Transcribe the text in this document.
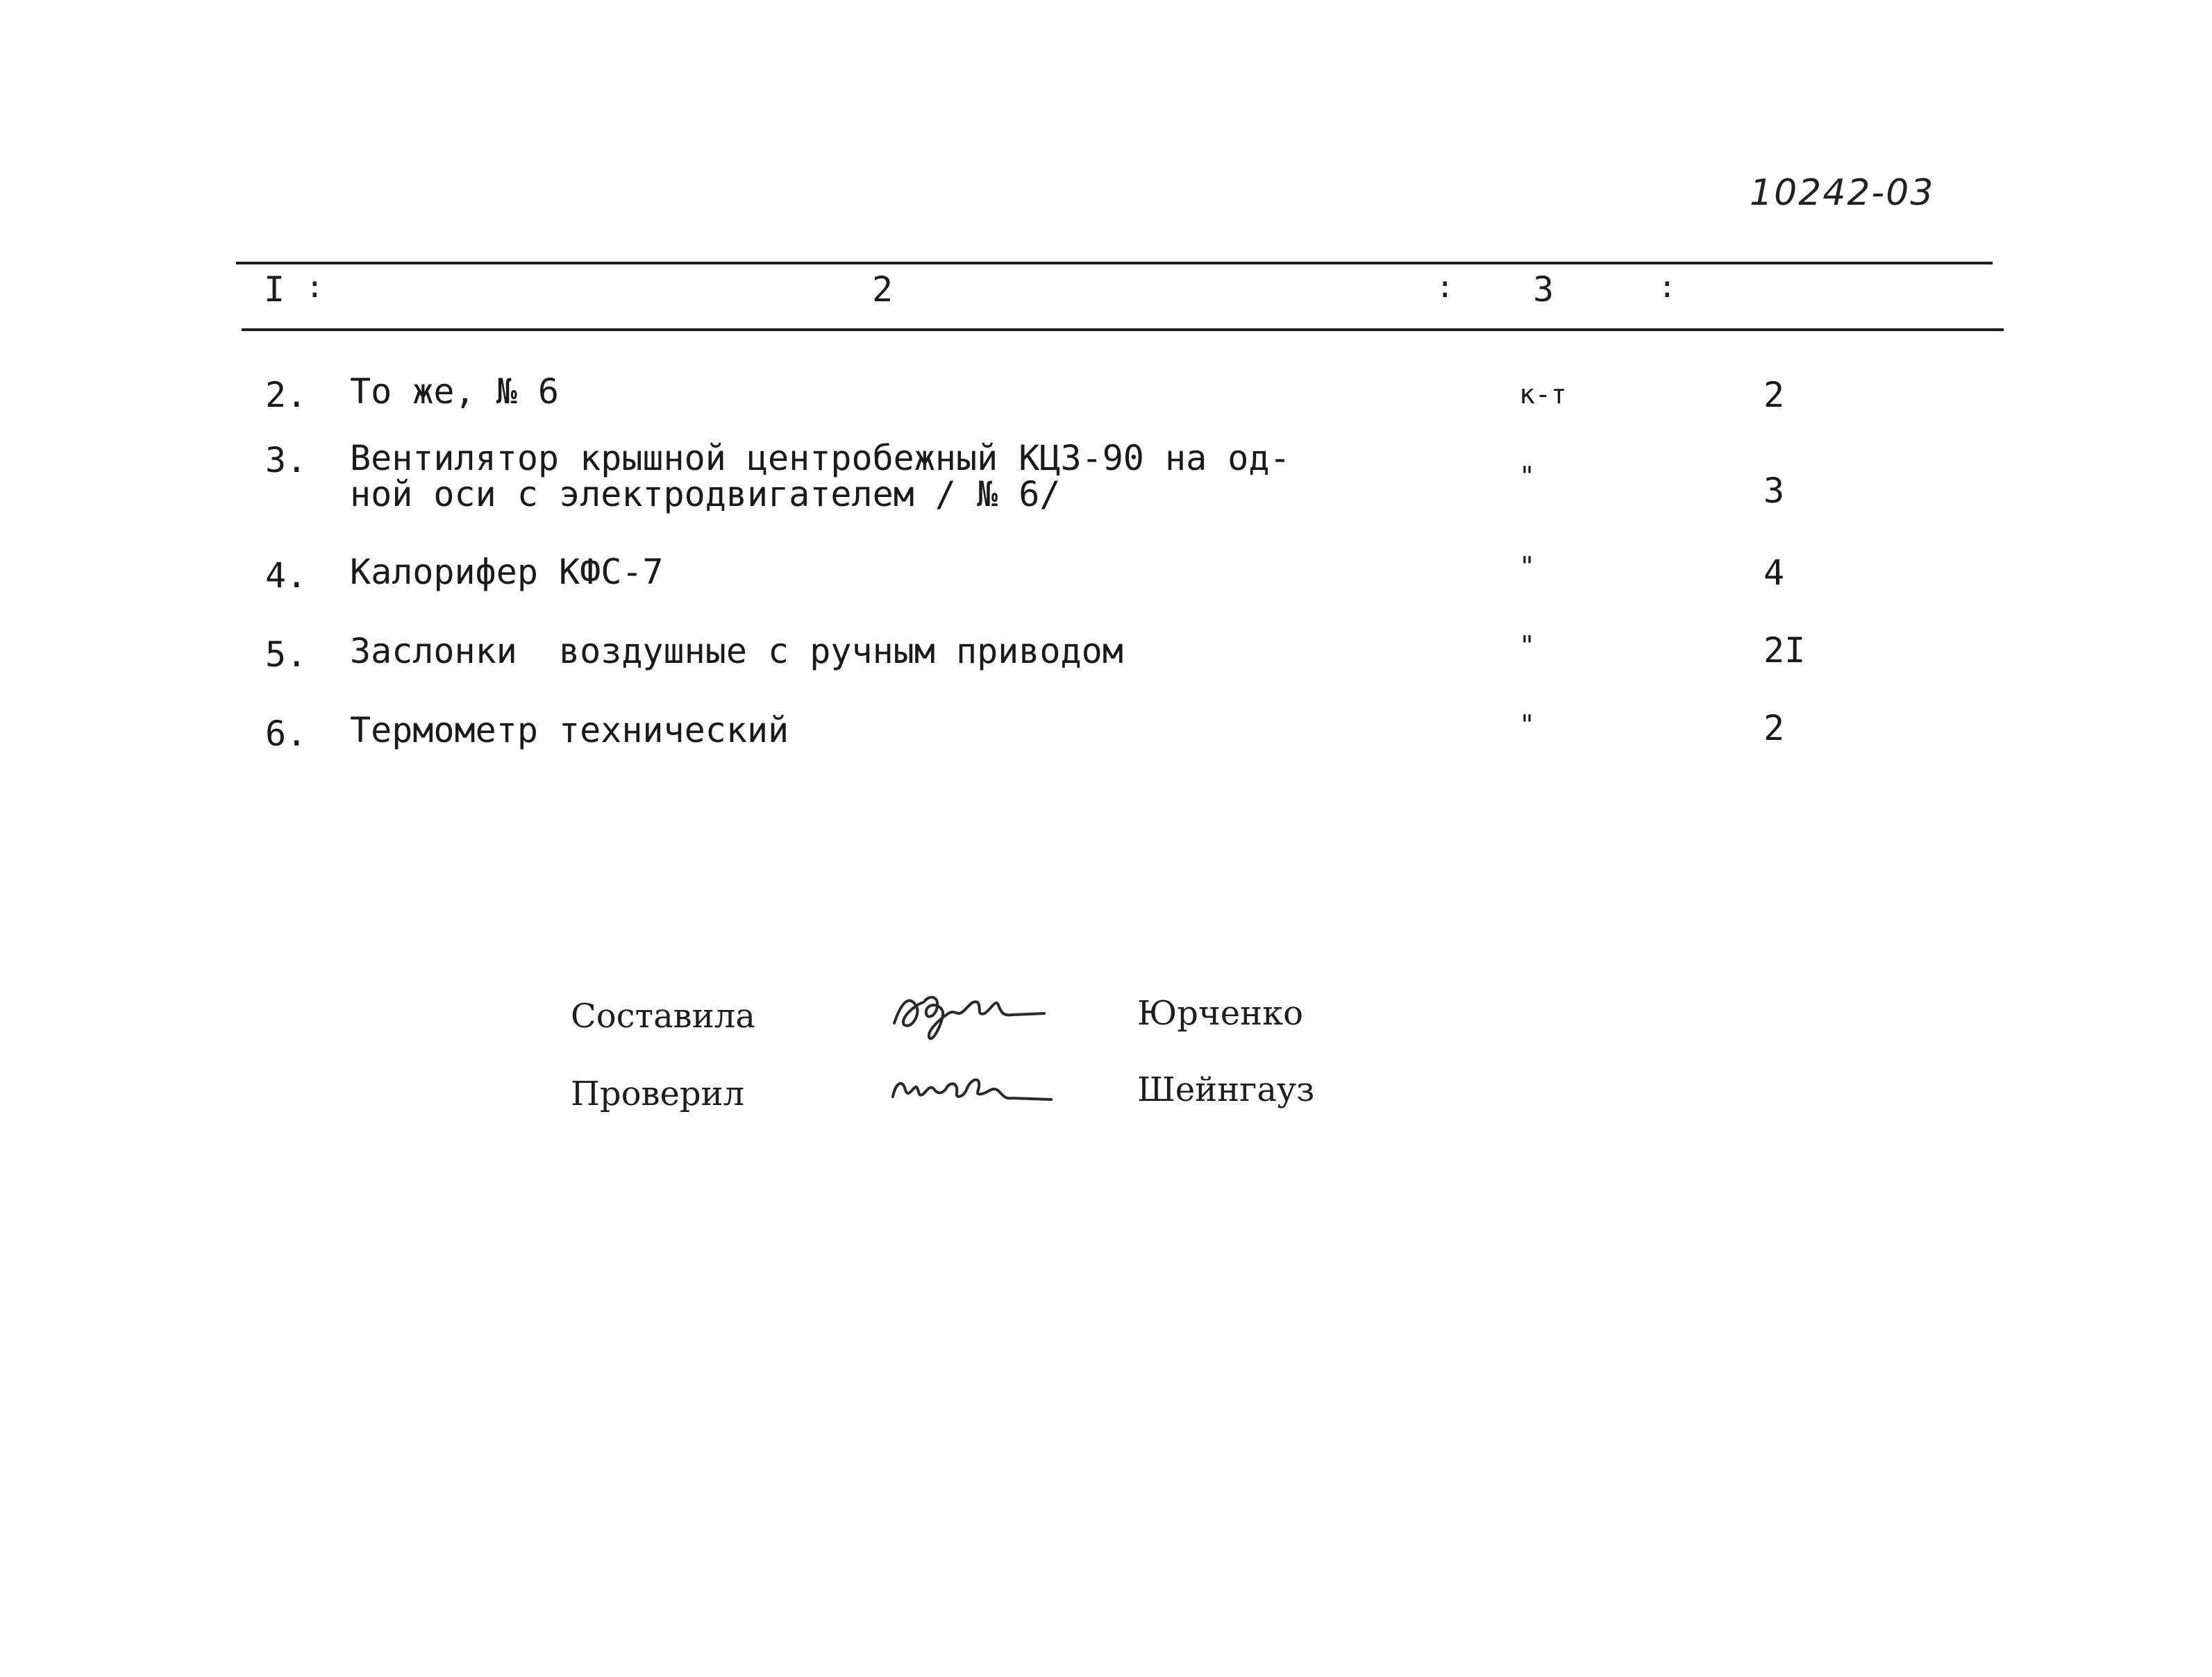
10242-03
I :	2	: 3	:
2. То же, № 6	к-т	2
3. Вентилятор крышной центробежный КЦ3-90 на од-
ной оси с электродвигателем / № 6/	"	3
4. Калорифер КФС-7	"	4
5. Заслонки  воздушные с ручным приводом	"	2I
6. Термометр технический	"	2
Составила	Юрченко
Проверил	Шейнгауз
